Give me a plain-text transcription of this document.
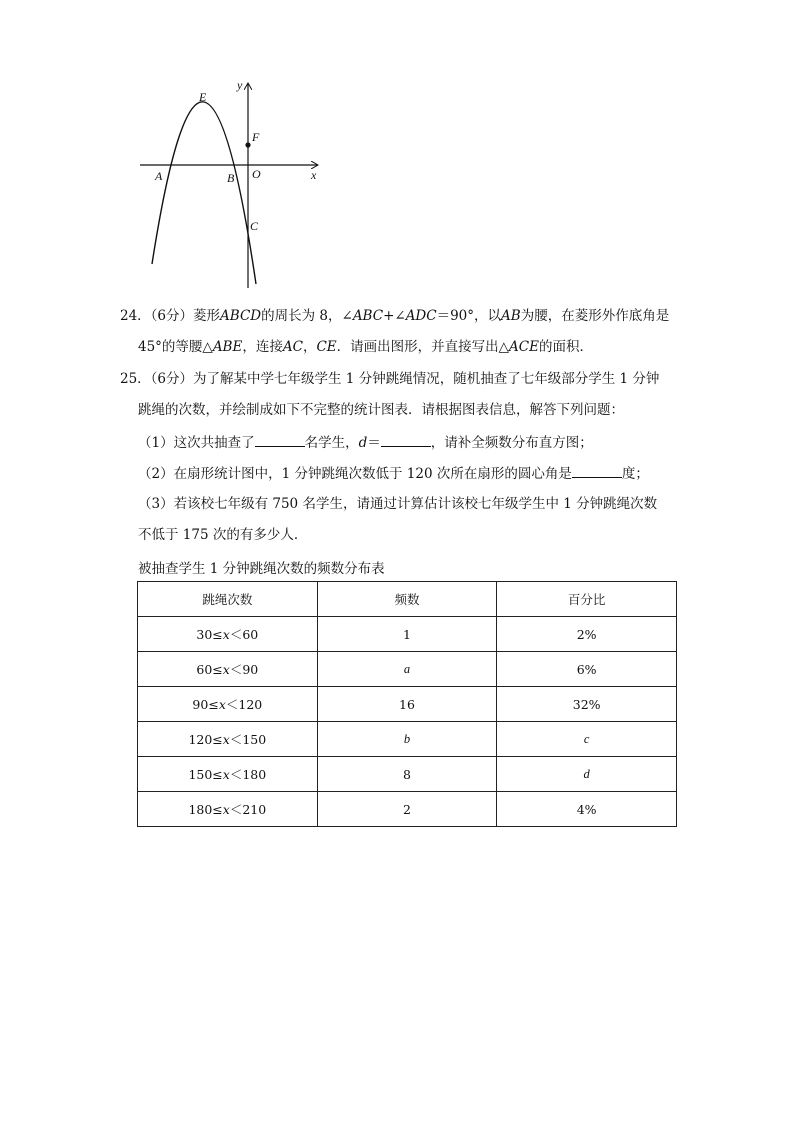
y
x
E
F
A	B O
C
24．（6分）菱形ABCD的周长为 8，∠ABC+∠ADC＝90°，以AB为腰，在菱形外作底角是
45°的等腰△ABE，连接AC，CE．请画出图形，并直接写出△ACE的面积．
25．（6分）为了解某中学七年级学生 1 分钟跳绳情况，随机抽查了七年级部分学生 1 分钟
跳绳的次数，并绘制成如下不完整的统计图表．请根据图表信息，解答下列问题：
（1）这次共抽查了	名学生，d＝	，请补全频数分布直方图；
（2）在扇形统计图中，1 分钟跳绳次数低于 120 次所在扇形的圆心角是	度；
（3）若该校七年级有 750 名学生，请通过计算估计该校七年级学生中 1 分钟跳绳次数
不低于 175 次的有多少人．
被抽查学生 1 分钟跳绳次数的频数分布表
跳绳次数	频数	百分比
30≤x＜60	1	2%
60≤x＜90	a	6%
90≤x＜120	16	32%
120≤x＜150	b	c
150≤x＜180	8	d
180≤x＜210	2	4%
